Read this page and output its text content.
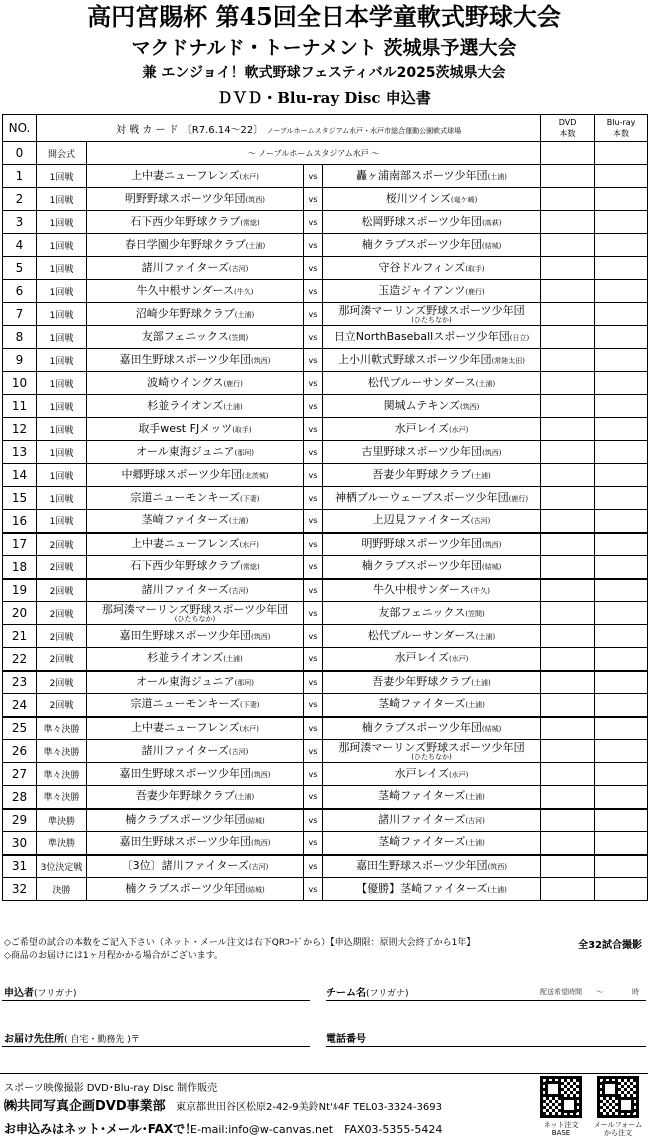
高円宮賜杯 第45回全日本学童軟式野球大会
マクドナルド・トーナメント 茨城県予選大会
兼 エンジョイ！軟式野球フェスティバル2025茨城県大会
ＤＶＤ・Blu-ray Disc 申込書
NO.	対 戦 カ ー ド 〔R7.6.14〜22〕 ノーブルホームスタジアム水戸・水戸市総合運動公園軟式球場				DVD
本数	Blu-ray
本数
0	開会式	〜 ノーブルホームスタジアム水戸 〜				
1	1回戦	上中妻ニューフレンズ(水戸)	vs	轟ヶ浦南部スポーツ少年団(土浦)		
2	1回戦	明野野球スポーツ少年団(筑西)	vs	桜川ツインズ(竜ケ崎)		
3	1回戦	石下西少年野球クラブ(常総)	vs	松岡野球スポーツ少年団(高萩)		
4	1回戦	春日学園少年野球クラブ(土浦)	vs	楠クラブスポーツ少年団(結城)		
5	1回戦	諸川ファイターズ(古河)	vs	守谷ドルフィンズ(取手)		
6	1回戦	牛久中根サンダース(牛久)	vs	玉造ジャイアンツ(鹿行)		
7	1回戦	沼崎少年野球クラブ(土浦)	vs	那珂湊マーリンズ野球スポーツ少年団
(ひたちなか)		

8	1回戦	友部フェニックス(笠間)	vs	日立NorthBaseballスポーツ少年団(日立)		
9	1回戦	嘉田生野球スポーツ少年団(筑西)	vs	上小川軟式野球スポーツ少年団(常陸太田)		
10	1回戦	波崎ウイングス(鹿行)	vs	松代ブルーサンダース(土浦)		
11	1回戦	杉並ライオンズ(土浦)	vs	関城ムテキンズ(筑西)		
12	1回戦	取手west FJメッツ(取手)	vs	水戸レイズ(水戸)		
13	1回戦	オール東海ジュニア(那珂)	vs	古里野球スポーツ少年団(筑西)		
14	1回戦	中郷野球スポーツ少年団(北茨城)	vs	吾妻少年野球クラブ(土浦)		
15	1回戦	宗道ニューモンキーズ(下妻)	vs	神栖ブルーウェーブスポーツ少年団(鹿行)		
16	1回戦	茎崎ファイターズ(土浦)	vs	上辺見ファイターズ(古河)		
17	2回戦	上中妻ニューフレンズ(水戸)	vs	明野野球スポーツ少年団(筑西)		
18	2回戦	石下西少年野球クラブ(常総)	vs	楠クラブスポーツ少年団(結城)		
19	2回戦	諸川ファイターズ(古河)	vs	牛久中根サンダース(牛久)		
20	2回戦	那珂湊マーリンズ野球スポーツ少年団
(ひたちなか)	vs	友部フェニックス(笠間)		
21	2回戦	嘉田生野球スポーツ少年団(筑西)	vs	松代ブルーサンダース(土浦)		
22	2回戦	杉並ライオンズ(土浦)	vs	水戸レイズ(水戸)		
23	2回戦	オール東海ジュニア(那珂)	vs	吾妻少年野球クラブ(土浦)		
24	2回戦	宗道ニューモンキーズ(下妻)	vs	茎崎ファイターズ(土浦)		
25	準々決勝	上中妻ニューフレンズ(水戸)	vs	楠クラブスポーツ少年団(結城)		
26	準々決勝	諸川ファイターズ(古河)	vs	那珂湊マーリンズ野球スポーツ少年団
(ひたちなか)		

27	準々決勝	嘉田生野球スポーツ少年団(筑西)	vs	水戸レイズ(水戸)		
28	準々決勝	吾妻少年野球クラブ(土浦)	vs	茎崎ファイターズ(土浦)		
29	準決勝	楠クラブスポーツ少年団(結城)	vs	諸川ファイターズ(古河)		
30	準決勝	嘉田生野球スポーツ少年団(筑西)	vs	茎崎ファイターズ(土浦)		
31	3位決定戦	〔3位〕諸川ファイターズ(古河)	vs	嘉田生野球スポーツ少年団(筑西)		
32	決勝	楠クラブスポーツ少年団(結城)	vs	【優勝】茎崎ファイターズ(土浦)		
◇ご希望の試合の本数をご記入下さい（ネット・メール注文は右下QRｺｰﾄﾞから）【申込期限：原則大会終了から1年】
◇商品のお届けには1ヶ月程かかる場合がございます。
全32試合撮影
申込者(フリガナ)	チーム名(フリガナ)	配送希望時間 〜	時
お届け先住所( 自宅・勤務先 )〒	電話番号
スポーツ映像撮影 DVD･Blu-ray Disc 制作販売
㈱共同写真企画DVD事業部 東京都世田谷区松原2-42-9美鈴Nt'ﾙ4F TEL03-3324-3693
お申込みはネット･メール･FAXで！
E-mail:info@w-canvas.net　FAX03-5355-5424	ネット注文
BASE
メールフォーム
から注文
